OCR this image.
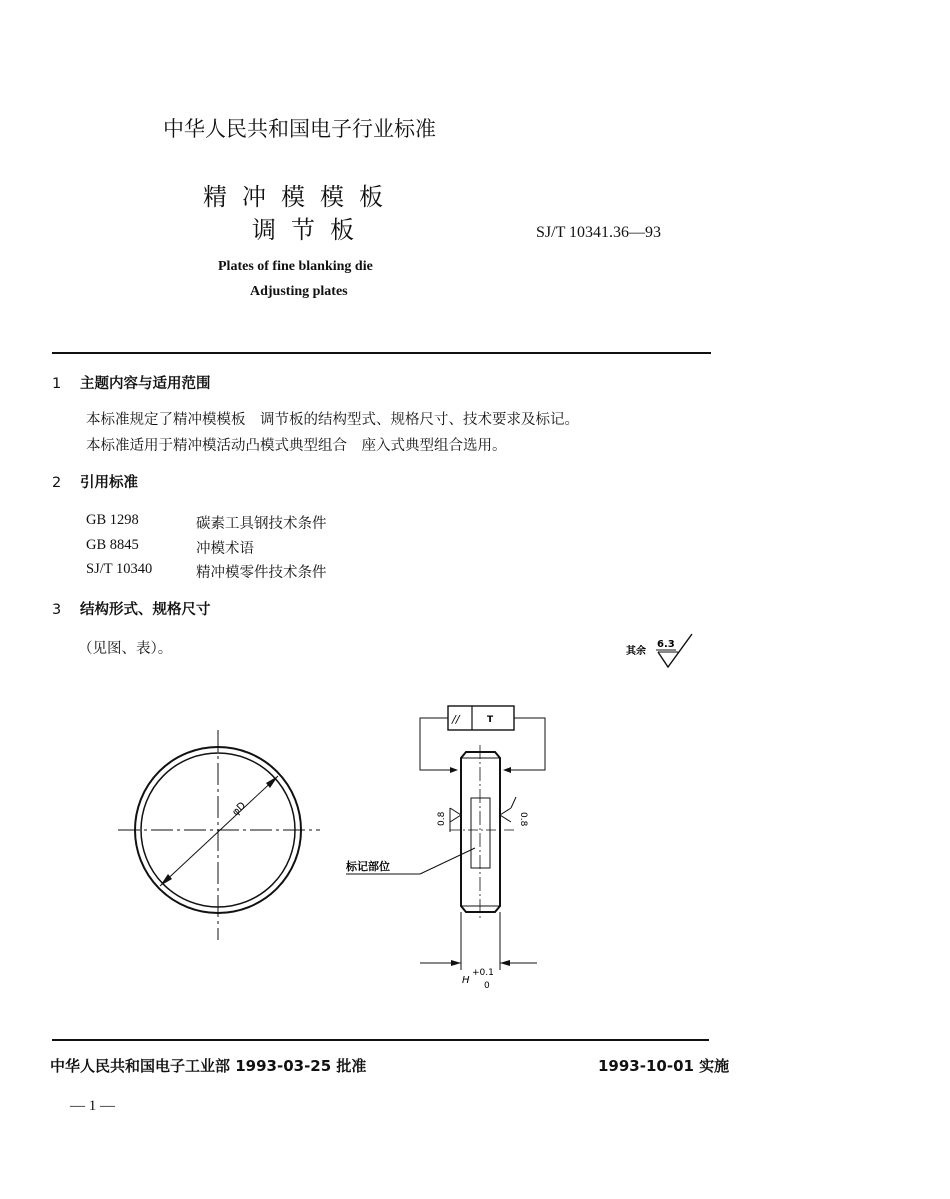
中华人民共和国电子行业标准
精冲模模板
调节板	SJ/T 10341.36—93
Plates of fine blanking die
Adjusting plates
1 主题内容与适用范围
本标准规定了精冲模模板　调节板的结构型式、规格尺寸、技术要求及标记。
本标准适用于精冲模活动凸模式典型组合　座入式典型组合选用。
2 引用标准
GB 1298	碳素工具钢技术条件
GB 8845	冲模术语
SJ/T 10340	精冲模零件技术条件
3 结构形式、规格尺寸
（见图、表）。	其余
6.3
φD
//	T
0.8	0.8
标记部位
H
+0.1
0
中华人民共和国电子工业部 1993-03-25 批准	1993-10-01 实施
— 1 —
